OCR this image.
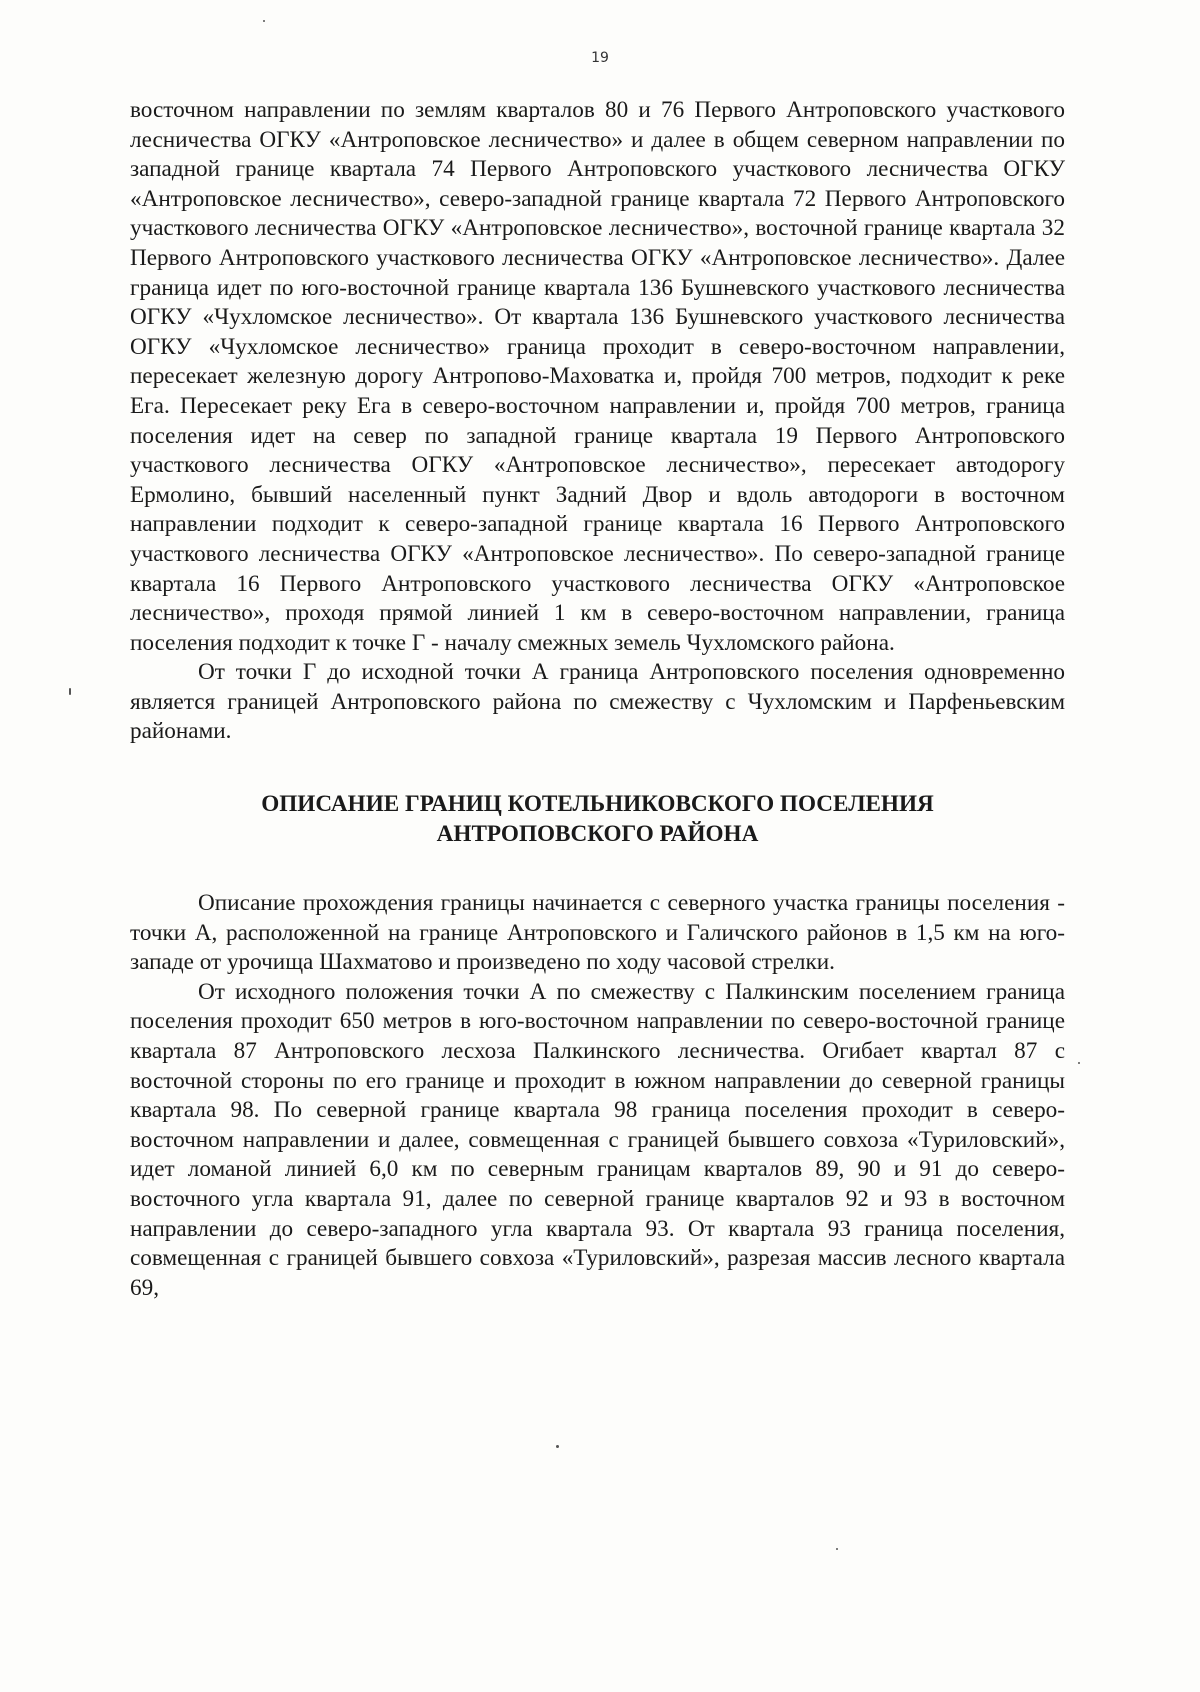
19

восточном направлении по землям кварталов 80 и 76 Первого Антроповского участкового лесничества ОГКУ «Антроповское лесничество» и далее в общем северном направлении по западной границе квартала 74 Первого Антроповского участкового лесничества ОГКУ «Антроповское лесничество», северо-западной границе квартала 72 Первого Антроповского участкового лесничества ОГКУ «Антроповское лесничество», восточной границе квартала 32 Первого Антроповского участкового лесничества ОГКУ «Антроповское лесничество». Далее граница идет по юго-восточной границе квартала 136 Бушневского участкового лесничества ОГКУ «Чухломское лесничество». От квартала 136 Бушневского участкового лесничества ОГКУ «Чухломское лесничество» граница проходит в северо-восточном направлении, пересекает железную дорогу Антропово-Маховатка и, пройдя 700 метров, подходит к реке Ега. Пересекает реку Ега в северо-восточном направлении и, пройдя 700 метров, граница поселения идет на север по западной границе квартала 19 Первого Антроповского участкового лесничества ОГКУ «Антроповское лесничество», пересекает автодорогу Ермолино, бывший населенный пункт Задний Двор и вдоль автодороги в восточном направлении подходит к северо-западной границе квартала 16 Первого Антроповского участкового лесничества ОГКУ «Антроповское лесничество». По северо-западной границе квартала 16 Первого Антроповского участкового лесничества ОГКУ «Антроповское лесничество», проходя прямой линией 1 км в северо-восточном направлении, граница поселения подходит к точке Г - началу смежных земель Чухломского района.

От точки Г до исходной точки А граница Антроповского поселения одновременно является границей Антроповского района по смежеству с Чухломским и Парфеньевским районами.

ОПИСАНИЕ ГРАНИЦ КОТЕЛЬНИКОВСКОГО ПОСЕЛЕНИЯ
АНТРОПОВСКОГО РАЙОНА

Описание прохождения границы начинается с северного участка границы поселения - точки А, расположенной на границе Антроповского и Галичского районов в 1,5 км на юго-западе от урочища Шахматово и произведено по ходу часовой стрелки.

От исходного положения точки А по смежеству с Палкинским поселением граница поселения проходит 650 метров в юго-восточном направлении по северо-восточной границе квартала 87 Антроповского лесхоза Палкинского лесничества. Огибает квартал 87 с восточной стороны по его границе и проходит в южном направлении до северной границы квартала 98. По северной границе квартала 98 граница поселения проходит в северо-восточном направлении и далее, совмещенная с границей бывшего совхоза «Туриловский», идет ломаной линией 6,0 км по северным границам кварталов 89, 90 и 91 до северо-восточного угла квартала 91, далее по северной границе кварталов 92 и 93 в восточном направлении до северо-западного угла квартала 93. От квартала 93 граница поселения, совмещенная с границей бывшего совхоза «Туриловский», разрезая массив лесного квартала 69,
